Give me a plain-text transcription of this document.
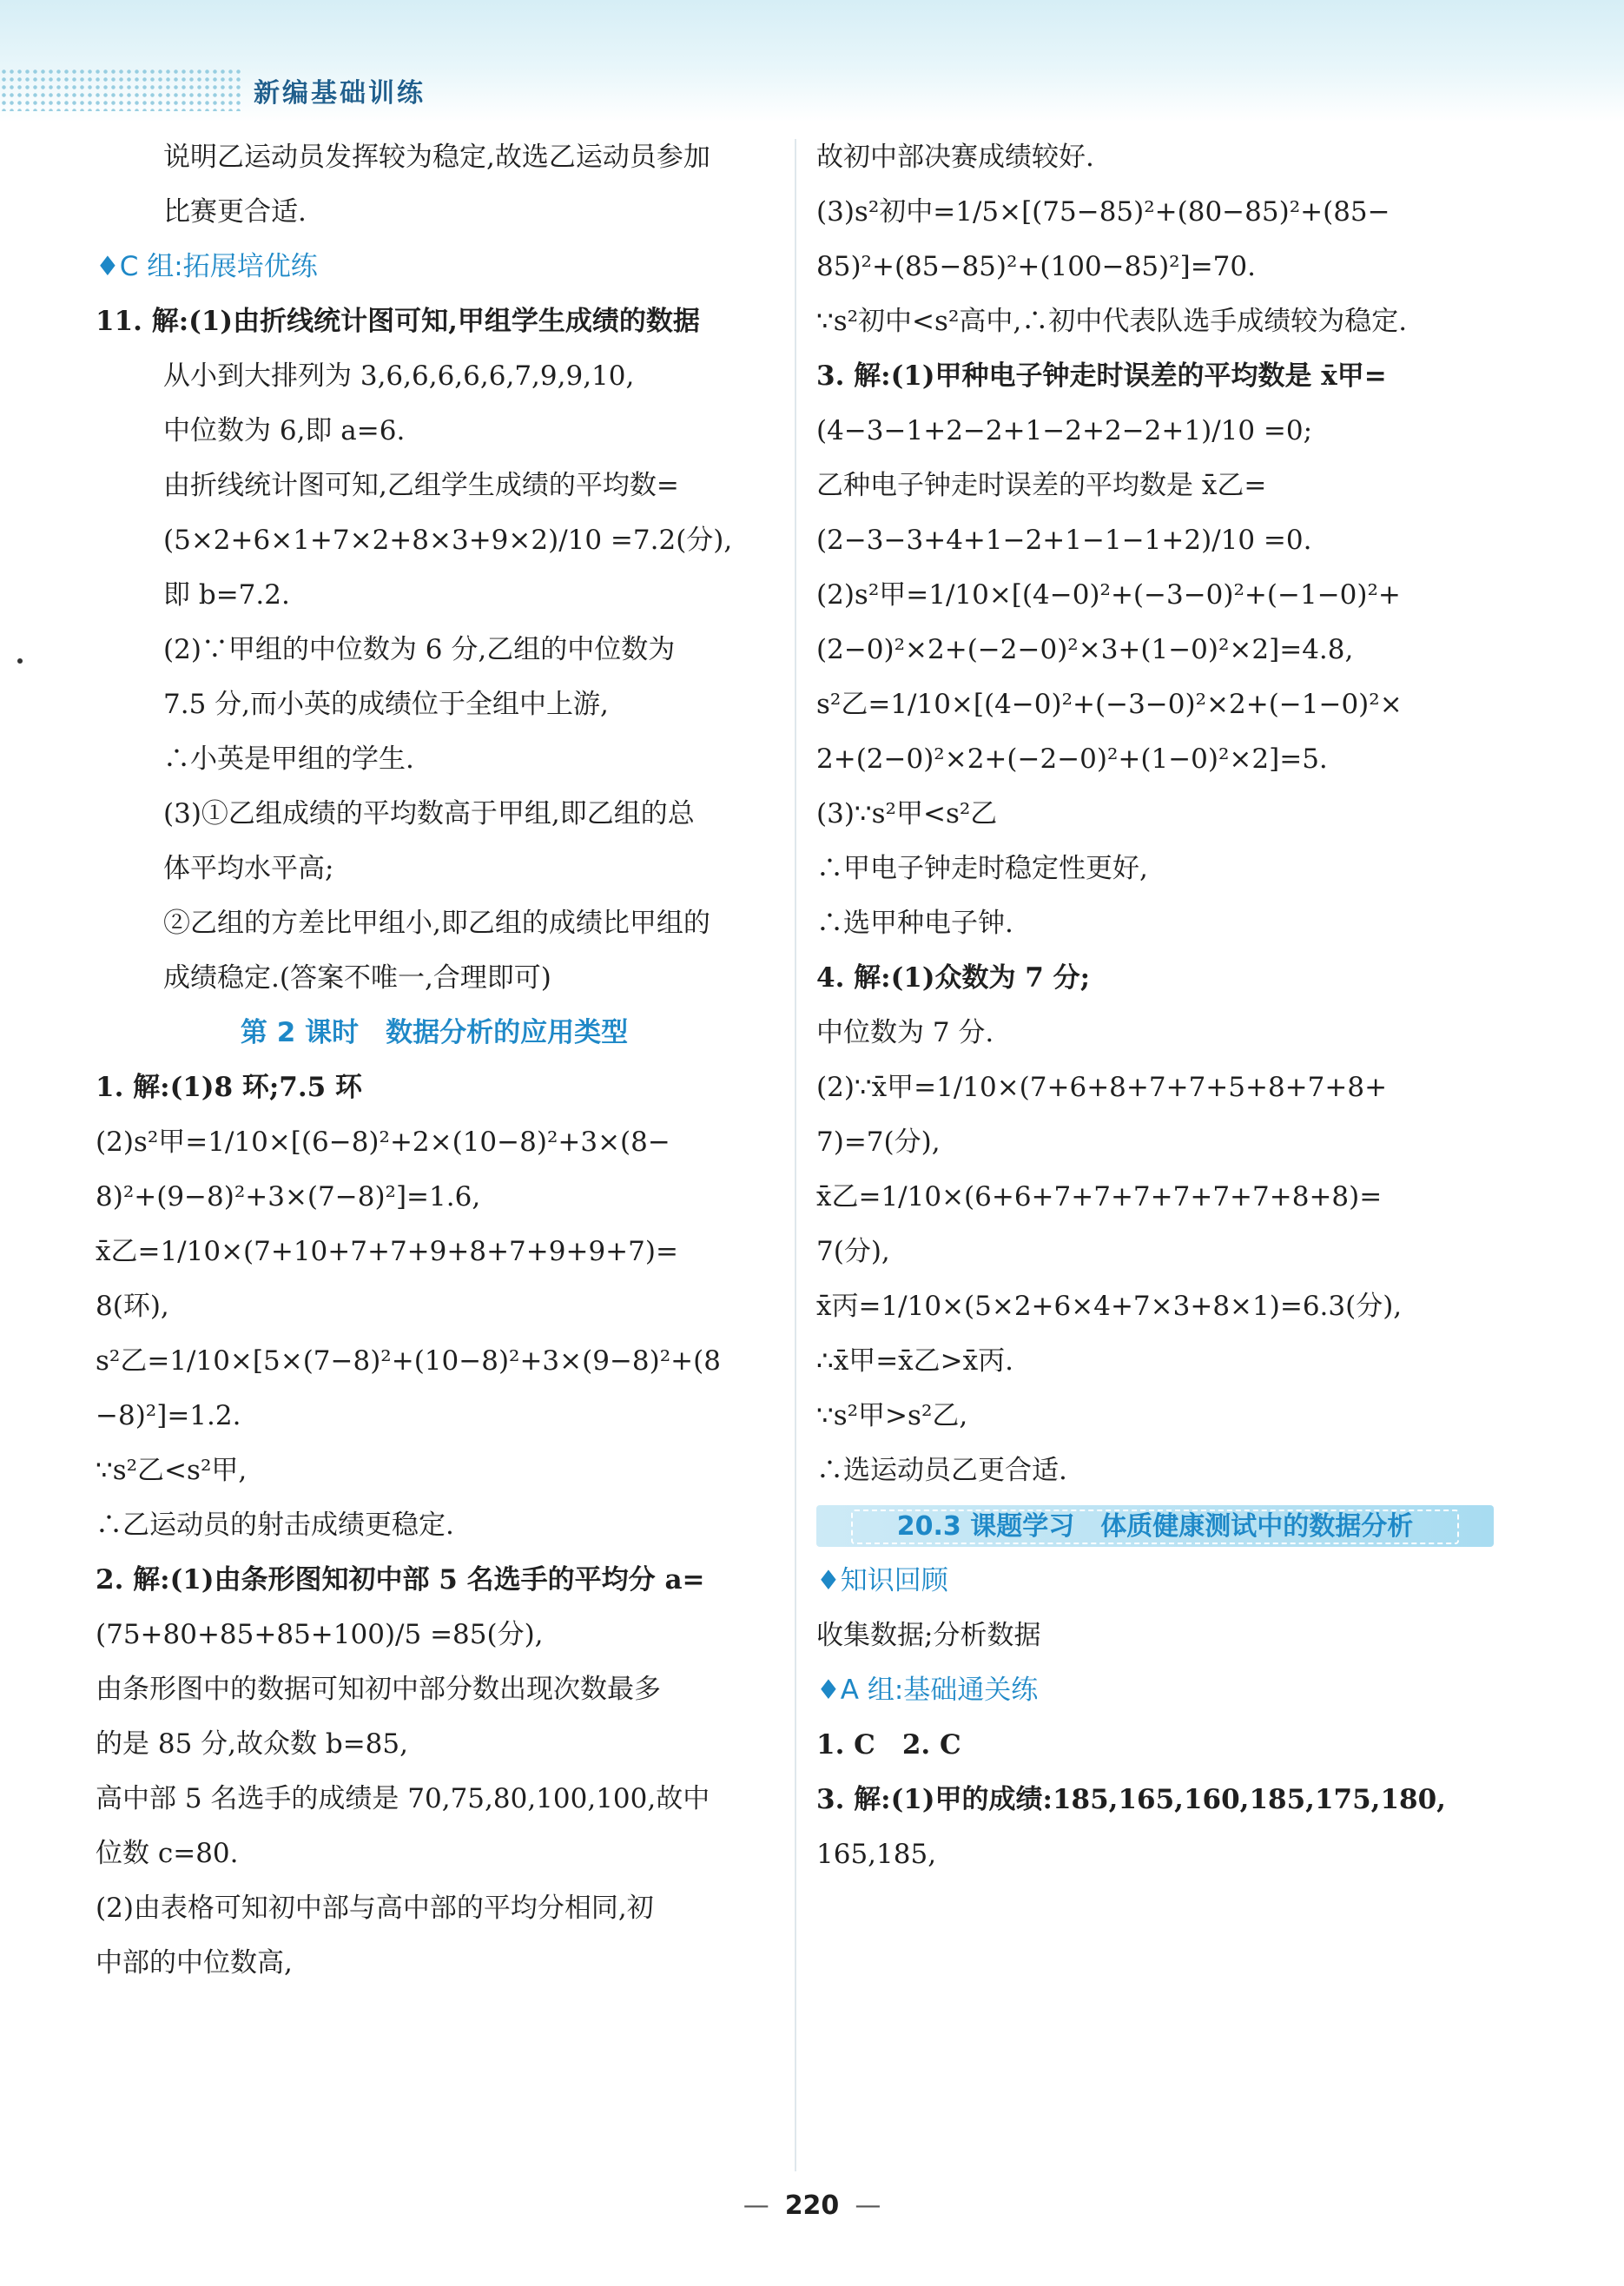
新编基础训练
说明乙运动员发挥较为稳定,故选乙运动员参加
比赛更合适.
♦C 组:拓展培优练
11. 解:(1)由折线统计图可知,甲组学生成绩的数据
从小到大排列为 3,6,6,6,6,6,7,9,9,10,
中位数为 6,即 a=6.
由折线统计图可知,乙组学生成绩的平均数=
(5×2+6×1+7×2+8×3+9×2)/10 =7.2(分),
即 b=7.2.
(2)∵甲组的中位数为 6 分,乙组的中位数为
7.5 分,而小英的成绩位于全组中上游,
∴小英是甲组的学生.
(3)①乙组成绩的平均数高于甲组,即乙组的总
体平均水平高;
②乙组的方差比甲组小,即乙组的成绩比甲组的
成绩稳定.(答案不唯一,合理即可)
第 2 课时　数据分析的应用类型
1. 解:(1)8 环;7.5 环
(2)s²甲=1/10×[(6−8)²+2×(10−8)²+3×(8−
8)²+(9−8)²+3×(7−8)²]=1.6,
x̄乙=1/10×(7+10+7+7+9+8+7+9+9+7)=
8(环),
s²乙=1/10×[5×(7−8)²+(10−8)²+3×(9−8)²+(8
−8)²]=1.2.
∵s²乙<s²甲,
∴乙运动员的射击成绩更稳定.
2. 解:(1)由条形图知初中部 5 名选手的平均分 a=
(75+80+85+85+100)/5 =85(分),
由条形图中的数据可知初中部分数出现次数最多
的是 85 分,故众数 b=85,
高中部 5 名选手的成绩是 70,75,80,100,100,故中
位数 c=80.
(2)由表格可知初中部与高中部的平均分相同,初
中部的中位数高,
故初中部决赛成绩较好.
(3)s²初中=1/5×[(75−85)²+(80−85)²+(85−
85)²+(85−85)²+(100−85)²]=70.
∵s²初中<s²高中,∴初中代表队选手成绩较为稳定.
3. 解:(1)甲种电子钟走时误差的平均数是 x̄甲=
(4−3−1+2−2+1−2+2−2+1)/10 =0;
乙种电子钟走时误差的平均数是 x̄乙=
(2−3−3+4+1−2+1−1−1+2)/10 =0.
(2)s²甲=1/10×[(4−0)²+(−3−0)²+(−1−0)²+
(2−0)²×2+(−2−0)²×3+(1−0)²×2]=4.8,
s²乙=1/10×[(4−0)²+(−3−0)²×2+(−1−0)²×
2+(2−0)²×2+(−2−0)²+(1−0)²×2]=5.
(3)∵s²甲<s²乙
∴甲电子钟走时稳定性更好,
∴选甲种电子钟.
4. 解:(1)众数为 7 分;
中位数为 7 分.
(2)∵x̄甲=1/10×(7+6+8+7+7+5+8+7+8+
7)=7(分),
x̄乙=1/10×(6+6+7+7+7+7+7+7+8+8)=
7(分),
x̄丙=1/10×(5×2+6×4+7×3+8×1)=6.3(分),
∴x̄甲=x̄乙>x̄丙.
∵s²甲>s²乙,
∴选运动员乙更合适.
20.3 课题学习　体质健康测试中的数据分析
♦知识回顾
收集数据;分析数据
♦A 组:基础通关练
1. C　2. C
3. 解:(1)甲的成绩:185,165,160,185,175,180,
165,185,
— 220 —
